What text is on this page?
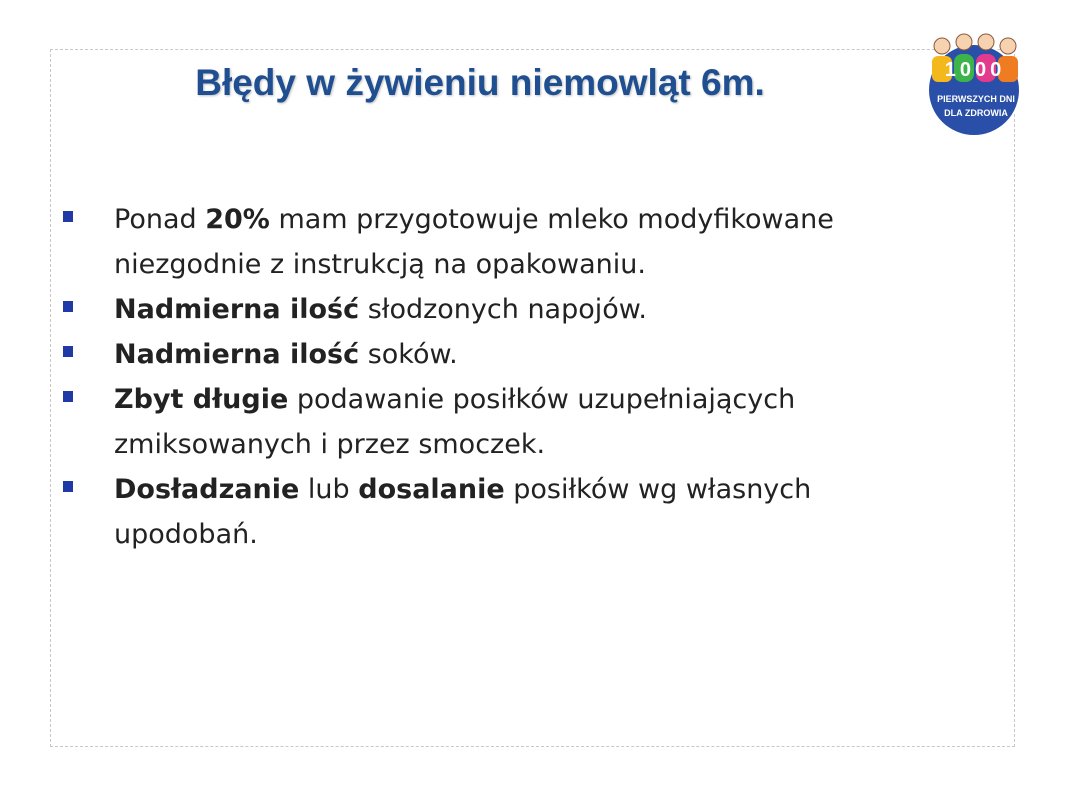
Błędy w żywieniu niemowląt 6m.	1000
PIERWSZYCH DNI
DLA ZDROWIA
Ponad 20% mam przygotowuje mleko modyfikowane
niezgodnie z instrukcją na opakowaniu.
Nadmierna ilość słodzonych napojów.
Nadmierna ilość soków.
Zbyt długie podawanie posiłków uzupełniających
zmiksowanych i przez smoczek.
Dosładzanie lub dosalanie posiłków wg własnych
upodobań.
